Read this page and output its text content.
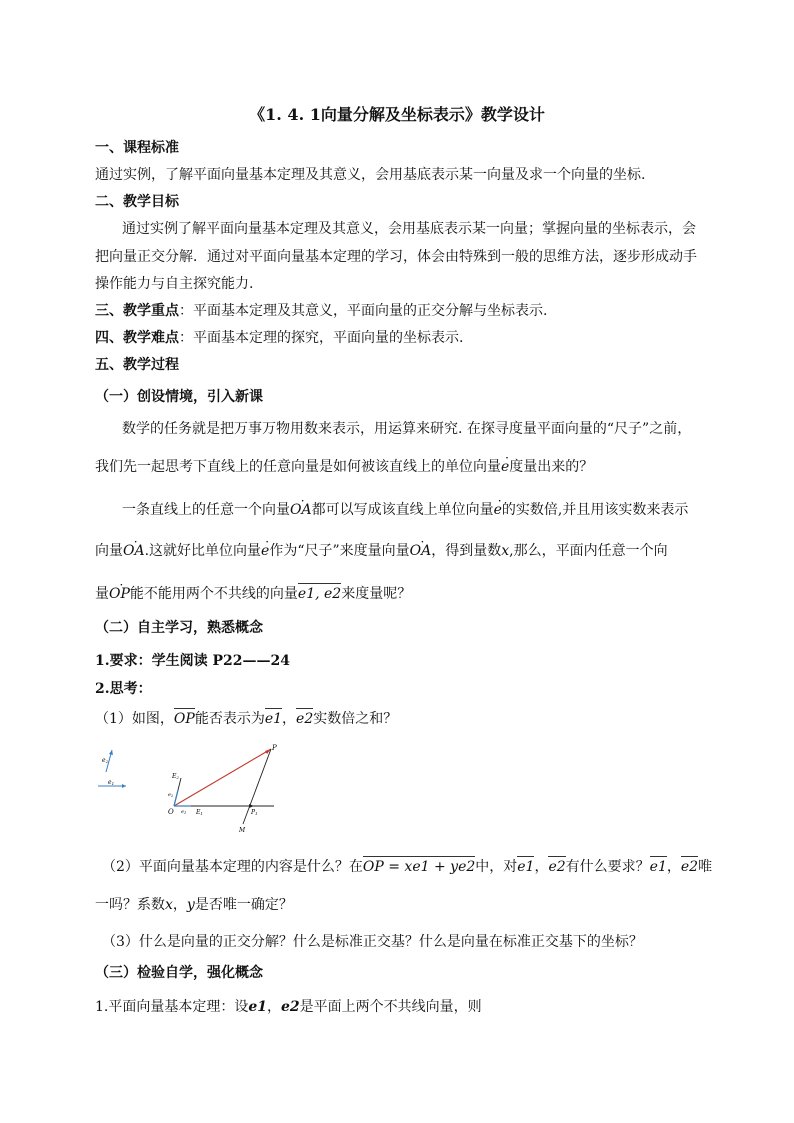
《1. 4. 1向量分解及坐标表示》教学设计
一、课程标准
通过实例，了解平面向量基本定理及其意义，会用基底表示某一向量及求一个向量的坐标.
二、教学目标
通过实例了解平面向量基本定理及其意义，会用基底表示某一向量；掌握向量的坐标表示，会
把向量正交分解．通过对平面向量基本定理的学习，体会由特殊到一般的思维方法，逐步形成动手
操作能力与自主探究能力.
三、教学重点：平面基本定理及其意义，平面向量的正交分解与坐标表示.
四、教学难点：平面基本定理的探究，平面向量的坐标表示.
五、教学过程
（一）创设情境，引入新课
数学的任务就是把万事万物用数来表示，用运算来研究. 在探寻度量平面向量的“尺子”之前，
我们先一起思考下直线上的任意向量是如何被该直线上的单位向量e ·度量出来的？
一条直线上的任意一个向量OA ·都可以写成该直线上单位向量e ·的实数倍,并且用该实数来表示
向量OA ·.这就好比单位向量e ·作为“尺子”来度量向量OA ·，得到量数x,那么，平面内任意一个向
量OP ·能不能用两个不共线的向量e1, e2来度量呢？
（二）自主学习，熟悉概念
1.要求：学生阅读 P22——24
2.思考：
（1）如图，OP能否表示为e1，e2实数倍之和？
e1
e2
O
P
M
P1
E1
E2
$e_1$
$e_2$
（2）平面向量基本定理的内容是什么？在OP = xe1 + ye2中，对e1，e2有什么要求？e1，e2唯
一吗？系数x，y是否唯一确定？
（3）什么是向量的正交分解？什么是标准正交基？什么是向量在标准正交基下的坐标？
（三）检验自学，强化概念
1.平面向量基本定理：设e1，e2是平面上两个不共线向量，则
